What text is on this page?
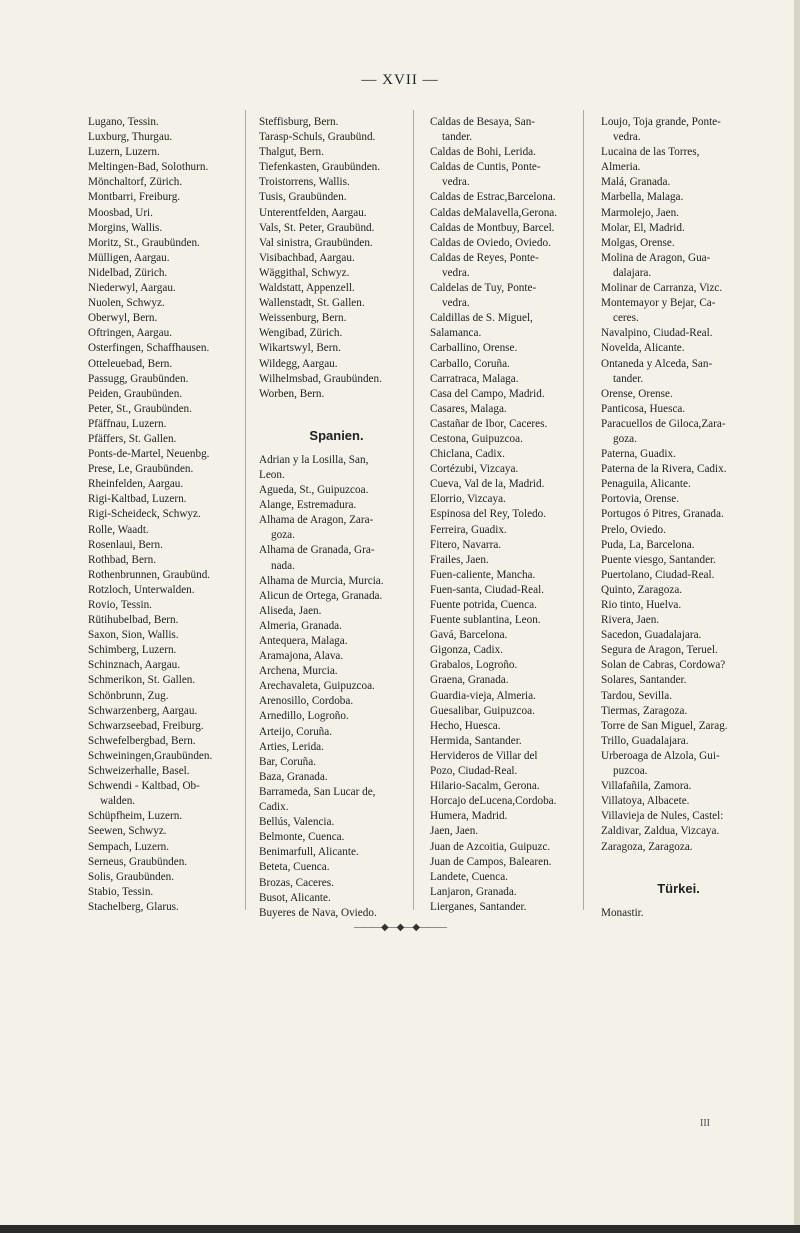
— XVII —
Lugano, Tessin.
Luxburg, Thurgau.
Luzern, Luzern.
Meltingen-Bad, Solothurn.
Mönchaltorf, Zürich.
Montbarri, Freiburg.
Moosbad, Uri.
Morgins, Wallis.
Moritz, St., Graubünden.
Mülligen, Aargau.
Nidelbad, Zürich.
Niederwyl, Aargau.
Nuolen, Schwyz.
Oberwyl, Bern.
Oftringen, Aargau.
Osterfingen, Schaffhausen.
Otteleuebad, Bern.
Passugg, Graubünden.
Peiden, Graubünden.
Peter, St., Graubünden.
Pfäffnau, Luzern.
Pfäffers, St. Gallen.
Ponts-de-Martel, Neuenbg.
Prese, Le, Graubünden.
Rheinfelden, Aargau.
Rigi-Kaltbad, Luzern.
Rigi-Scheideck, Schwyz.
Rolle, Waadt.
Rosenlaui, Bern.
Rothbad, Bern.
Rothenbrunnen, Graubünd.
Rotzloch, Unterwalden.
Rovio, Tessin.
Rütihubelbad, Bern.
Saxon, Sion, Wallis.
Schimberg, Luzern.
Schinznach, Aargau.
Schmerikon, St. Gallen.
Schönbrunn, Zug.
Schwarzenberg, Aargau.
Schwarzseebad, Freiburg.
Schwefelbergbad, Bern.
Schweiningen,Graubünden.
Schweizerhalle, Basel.
Schwendi - Kaltbad, Ob-
walden.
Schüpfheim, Luzern.
Seewen, Schwyz.
Sempach, Luzern.
Serneus, Graubünden.
Solis, Graubünden.
Stabio, Tessin.
Stachelberg, Glarus.
Steffisburg, Bern.
Tarasp-Schuls, Graubünd.
Thalgut, Bern.
Tiefenkasten, Graubünden.
Troistorrens, Wallis.
Tusis, Graubünden.
Unterentfelden, Aargau.
Vals, St. Peter, Graubünd.
Val sinistra, Graubünden.
Visibachbad, Aargau.
Wäggithal, Schwyz.
Waldstatt, Appenzell.
Wallenstadt, St. Gallen.
Weissenburg, Bern.
Wengibad, Zürich.
Wikartswyl, Bern.
Wildegg, Aargau.
Wilhelmsbad, Graubünden.
Worben, Bern.
Spanien.
Adrian y la Losilla, San,
Leon.
Agueda, St., Guipuzcoa.
Alange, Estremadura.
Alhama de Aragon, Zara-
goza.
Alhama de Granada, Gra-
nada.
Alhama de Murcia, Murcia.
Alicun de Ortega, Granada.
Aliseda, Jaen.
Almeria, Granada.
Antequera, Malaga.
Aramajona, Alava.
Archena, Murcia.
Arechavaleta, Guipuzcoa.
Arenosillo, Cordoba.
Arnedillo, Logroño.
Arteijo, Coruña.
Arties, Lerida.
Bar, Coruña.
Baza, Granada.
Barrameda, San Lucar de,
Cadix.
Bellús, Valencia.
Belmonte, Cuenca.
Benimarfull, Alicante.
Beteta, Cuenca.
Brozas, Caceres.
Busot, Alicante.
Buyeres de Nava, Oviedo.
Caldas de Besaya, San-
tander.
Caldas de Bohi, Lerida.
Caldas de Cuntis, Ponte-
vedra.
Caldas de Estrac,Barcelona.
Caldas deMalavella,Gerona.
Caldas de Montbuy, Barcel.
Caldas de Oviedo, Oviedo.
Caldas de Reyes, Ponte-
vedra.
Caldelas de Tuy, Ponte-
vedra.
Caldillas de S. Miguel,
Salamanca.
Carballino, Orense.
Carballo, Coruña.
Carratraca, Malaga.
Casa del Campo, Madrid.
Casares, Malaga.
Castañar de Ibor, Caceres.
Cestona, Guipuzcoa.
Chiclana, Cadix.
Cortézubi, Vizcaya.
Cueva, Val de la, Madrid.
Elorrio, Vizcaya.
Espinosa del Rey, Toledo.
Ferreira, Guadix.
Fitero, Navarra.
Frailes, Jaen.
Fuen-caliente, Mancha.
Fuen-santa, Ciudad-Real.
Fuente potrida, Cuenca.
Fuente sublantina, Leon.
Gavá, Barcelona.
Gigonza, Cadix.
Grabalos, Logroño.
Graena, Granada.
Guardia-vieja, Almeria.
Guesalibar, Guipuzcoa.
Hecho, Huesca.
Hermida, Santander.
Hervideros de Villar del
Pozo, Ciudad-Real.
Hilario-Sacalm, Gerona.
Horcajo deLucena,Cordoba.
Humera, Madrid.
Jaen, Jaen.
Juan de Azcoitia, Guipuzc.
Juan de Campos, Balearen.
Landete, Cuenca.
Lanjaron, Granada.
Lierganes, Santander.
Loujo, Toja grande, Ponte-
vedra.
Lucaina de las Torres,
Almeria.
Malá, Granada.
Marbella, Malaga.
Marmolejo, Jaen.
Molar, El, Madrid.
Molgas, Orense.
Molina de Aragon, Gua-
dalajara.
Molinar de Carranza, Vizc.
Montemayor y Bejar, Ca-
ceres.
Navalpino, Ciudad-Real.
Novelda, Alicante.
Ontaneda y Alceda, San-
tander.
Orense, Orense.
Panticosa, Huesca.
Paracuellos de Giloca,Zara-
goza.
Paterna, Guadix.
Paterna de la Rivera, Cadix.
Penaguila, Alicante.
Portovia, Orense.
Portugos ó Pitres, Granada.
Prelo, Oviedo.
Puda, La, Barcelona.
Puente viesgo, Santander.
Puertolano, Ciudad-Real.
Quinto, Zaragoza.
Rio tinto, Huelva.
Rivera, Jaen.
Sacedon, Guadalajara.
Segura de Aragon, Teruel.
Solan de Cabras, Cordowa?
Solares, Santander.
Tardou, Sevilla.
Tiermas, Zaragoza.
Torre de San Miguel, Zarag.
Trillo, Guadalajara.
Urberoaga de Alzola, Gui-
puzcoa.
Villafañila, Zamora.
Villatoya, Albacete.
Villavieja de Nules, Castel:
Zaldivar, Zaldua, Vizcaya.
Zaragoza, Zaragoza.
Türkei.
Monastir.
———◆—◆—◆———
III
